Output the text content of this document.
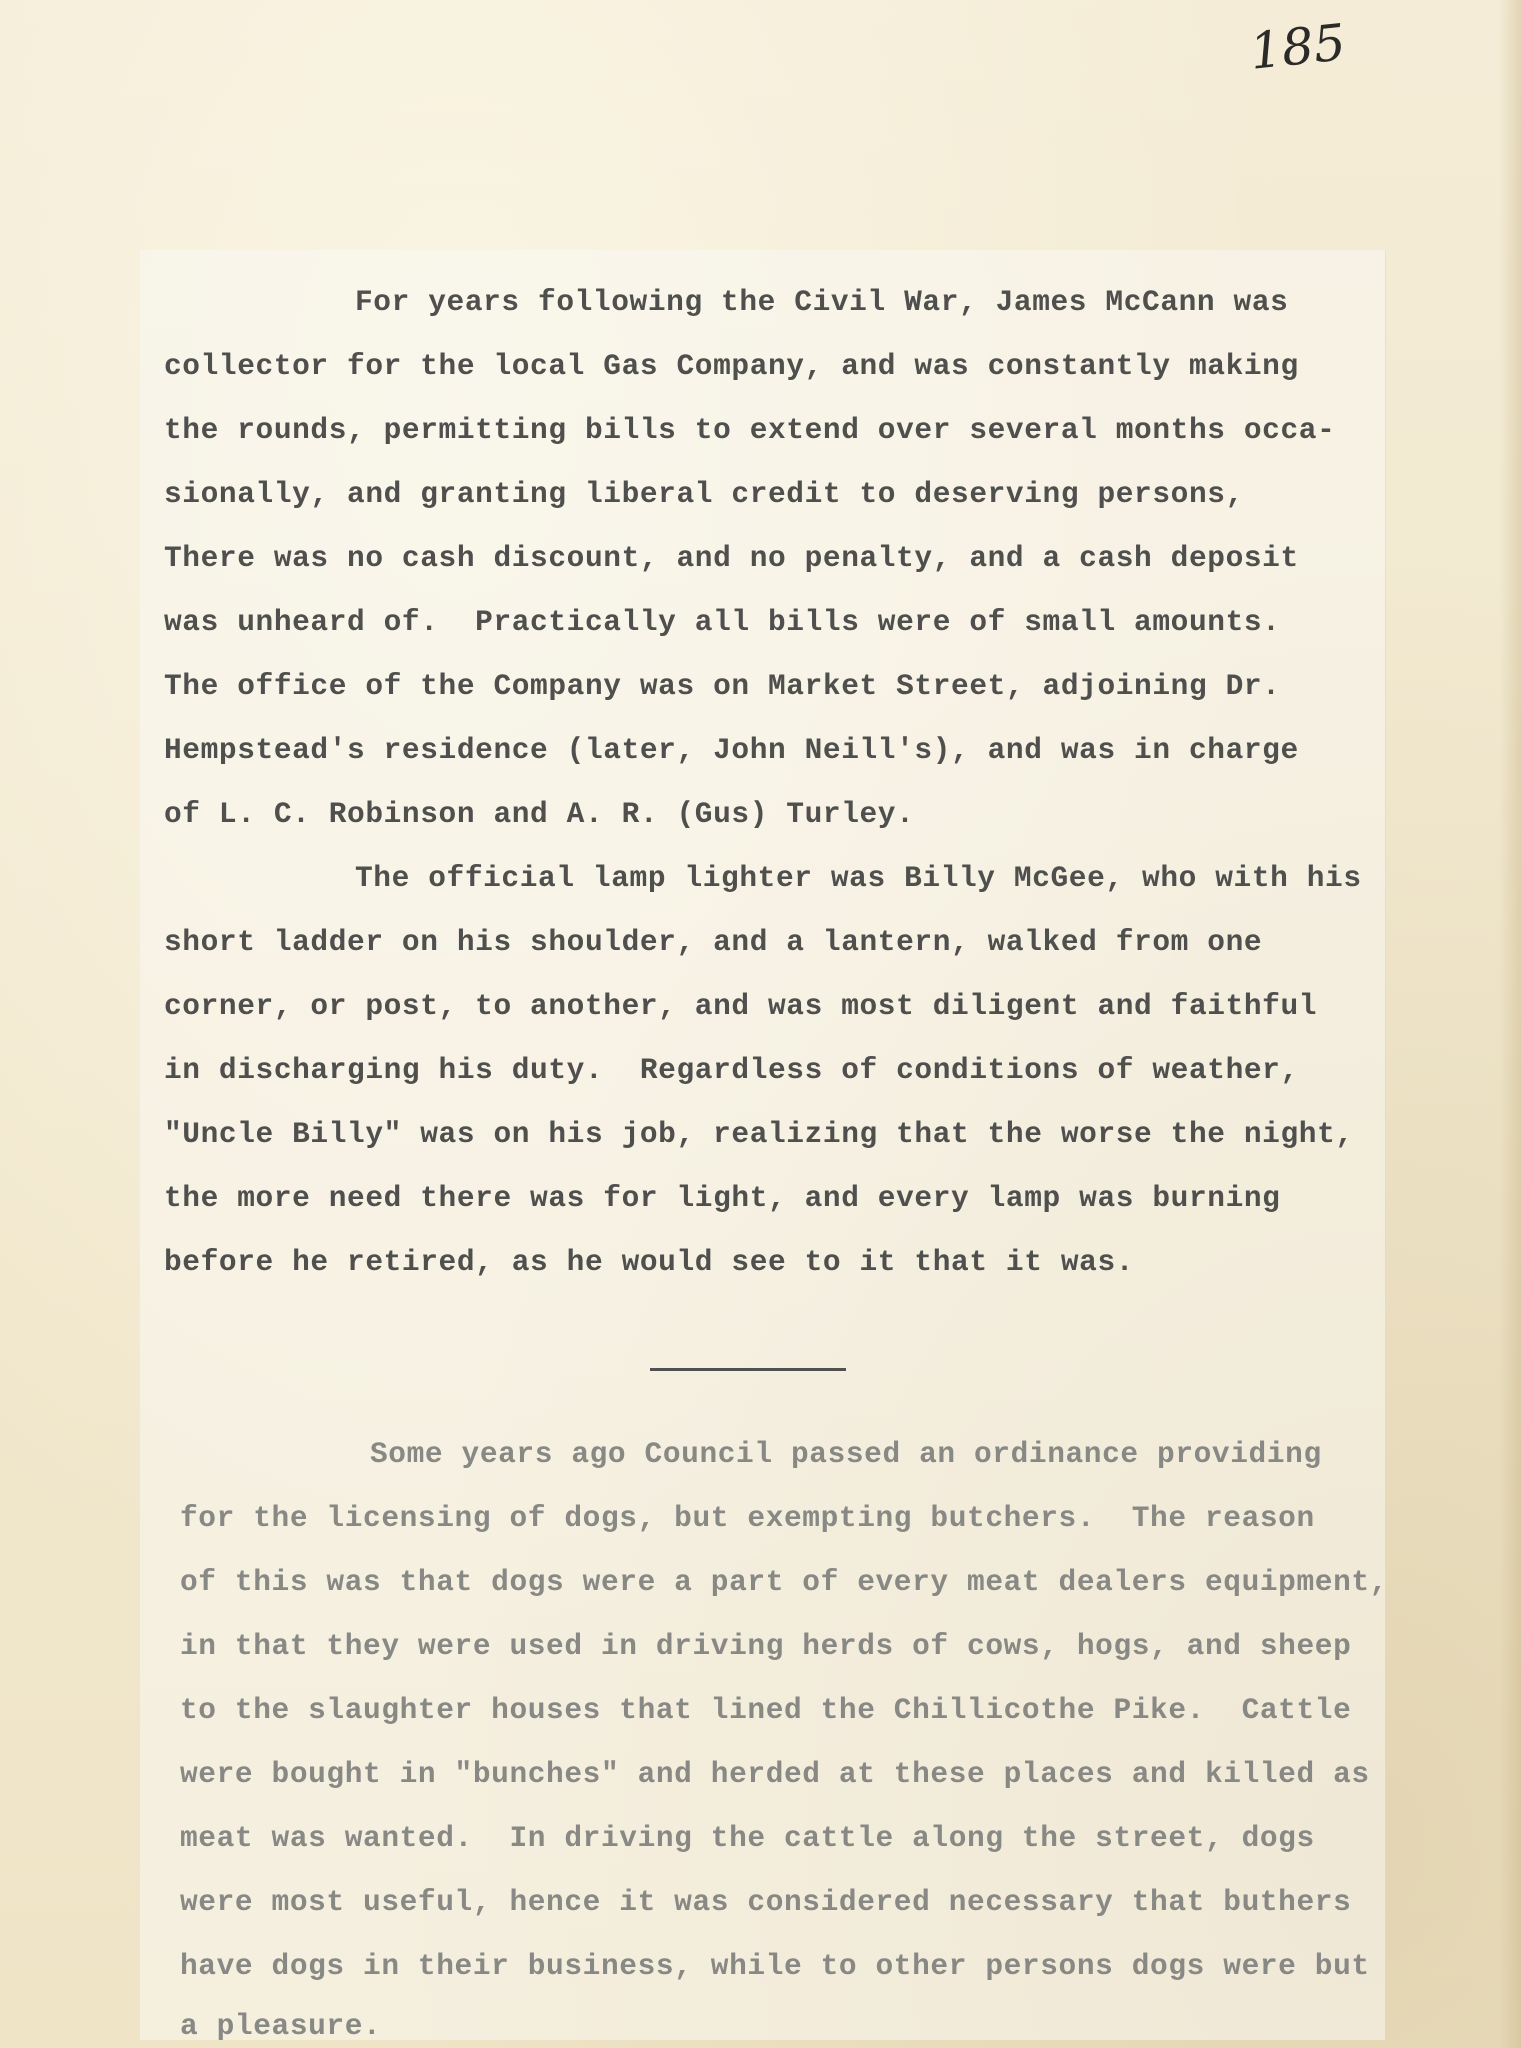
185
For years following the Civil War, James McCann was
collector for the local Gas Company, and was constantly making
the rounds, permitting bills to extend over several months occa-
sionally, and granting liberal credit to deserving persons,
There was no cash discount, and no penalty, and a cash deposit
was unheard of.  Practically all bills were of small amounts.
The office of the Company was on Market Street, adjoining Dr.
Hempstead's residence (later, John Neill's), and was in charge
of L. C. Robinson and A. R. (Gus) Turley.
The official lamp lighter was Billy McGee, who with his
short ladder on his shoulder, and a lantern, walked from one
corner, or post, to another, and was most diligent and faithful
in discharging his duty.  Regardless of conditions of weather,
"Uncle Billy" was on his job, realizing that the worse the night,
the more need there was for light, and every lamp was burning
before he retired, as he would see to it that it was.
Some years ago Council passed an ordinance providing
for the licensing of dogs, but exempting butchers.  The reason
of this was that dogs were a part of every meat dealers equipment,
in that they were used in driving herds of cows, hogs, and sheep
to the slaughter houses that lined the Chillicothe Pike.  Cattle
were bought in "bunches" and herded at these places and killed as
meat was wanted.  In driving the cattle along the street, dogs
were most useful, hence it was considered necessary that buthers
have dogs in their business, while to other persons dogs were but
a pleasure.
